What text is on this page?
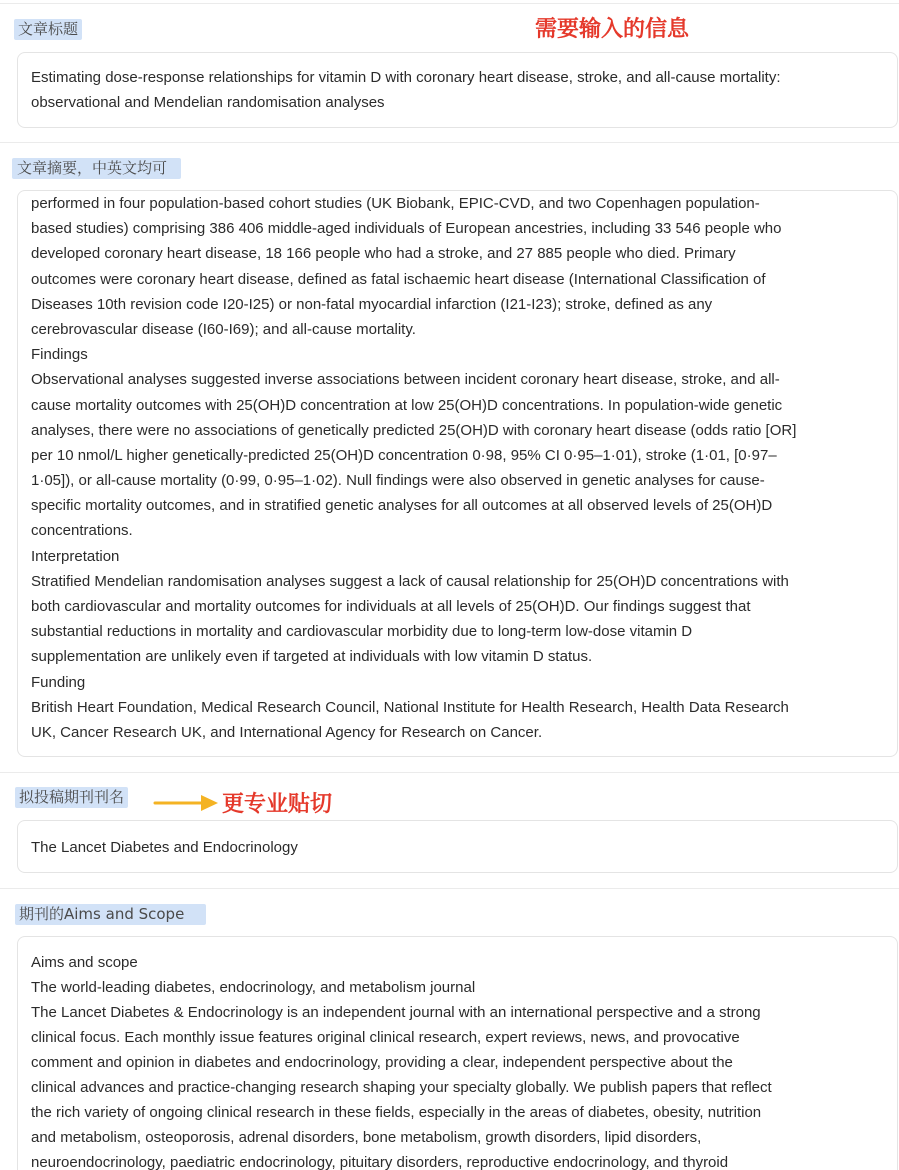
文章标题	需要输入的信息
Estimating dose-response relationships for vitamin D with coronary heart disease, stroke, and all-cause mortality:
observational and Mendelian randomisation analyses
文章摘要，中英文均可
performed in four population-based cohort studies (UK Biobank, EPIC-CVD, and two Copenhagen population-
based studies) comprising 386 406 middle-aged individuals of European ancestries, including 33 546 people who
developed coronary heart disease, 18 166 people who had a stroke, and 27 885 people who died. Primary
outcomes were coronary heart disease, defined as fatal ischaemic heart disease (International Classification of
Diseases 10th revision code I20-I25) or non-fatal myocardial infarction (I21-I23); stroke, defined as any
cerebrovascular disease (I60-I69); and all-cause mortality.
Findings
Observational analyses suggested inverse associations between incident coronary heart disease, stroke, and all-
cause mortality outcomes with 25(OH)D concentration at low 25(OH)D concentrations. In population-wide genetic
analyses, there were no associations of genetically predicted 25(OH)D with coronary heart disease (odds ratio [OR]
per 10 nmol/L higher genetically-predicted 25(OH)D concentration 0·98, 95% CI 0·95–1·01), stroke (1·01, [0·97–
1·05]), or all-cause mortality (0·99, 0·95–1·02). Null findings were also observed in genetic analyses for cause-
specific mortality outcomes, and in stratified genetic analyses for all outcomes at all observed levels of 25(OH)D
concentrations.
Interpretation
Stratified Mendelian randomisation analyses suggest a lack of causal relationship for 25(OH)D concentrations with
both cardiovascular and mortality outcomes for individuals at all levels of 25(OH)D. Our findings suggest that
substantial reductions in mortality and cardiovascular morbidity due to long-term low-dose vitamin D
supplementation are unlikely even if targeted at individuals with low vitamin D status.
Funding
British Heart Foundation, Medical Research Council, National Institute for Health Research, Health Data Research
UK, Cancer Research UK, and International Agency for Research on Cancer.
拟投稿期刊刊名	更专业贴切
The Lancet Diabetes and Endocrinology
期刊的Aims and Scope
Aims and scope
The world-leading diabetes, endocrinology, and metabolism journal
The Lancet Diabetes & Endocrinology is an independent journal with an international perspective and a strong
clinical focus. Each monthly issue features original clinical research, expert reviews, news, and provocative
comment and opinion in diabetes and endocrinology, providing a clear, independent perspective about the
clinical advances and practice-changing research shaping your specialty globally. We publish papers that reflect
the rich variety of ongoing clinical research in these fields, especially in the areas of diabetes, obesity, nutrition
and metabolism, osteoporosis, adrenal disorders, bone metabolism, growth disorders, lipid disorders,
neuroendocrinology, paediatric endocrinology, pituitary disorders, reproductive endocrinology, and thyroid
